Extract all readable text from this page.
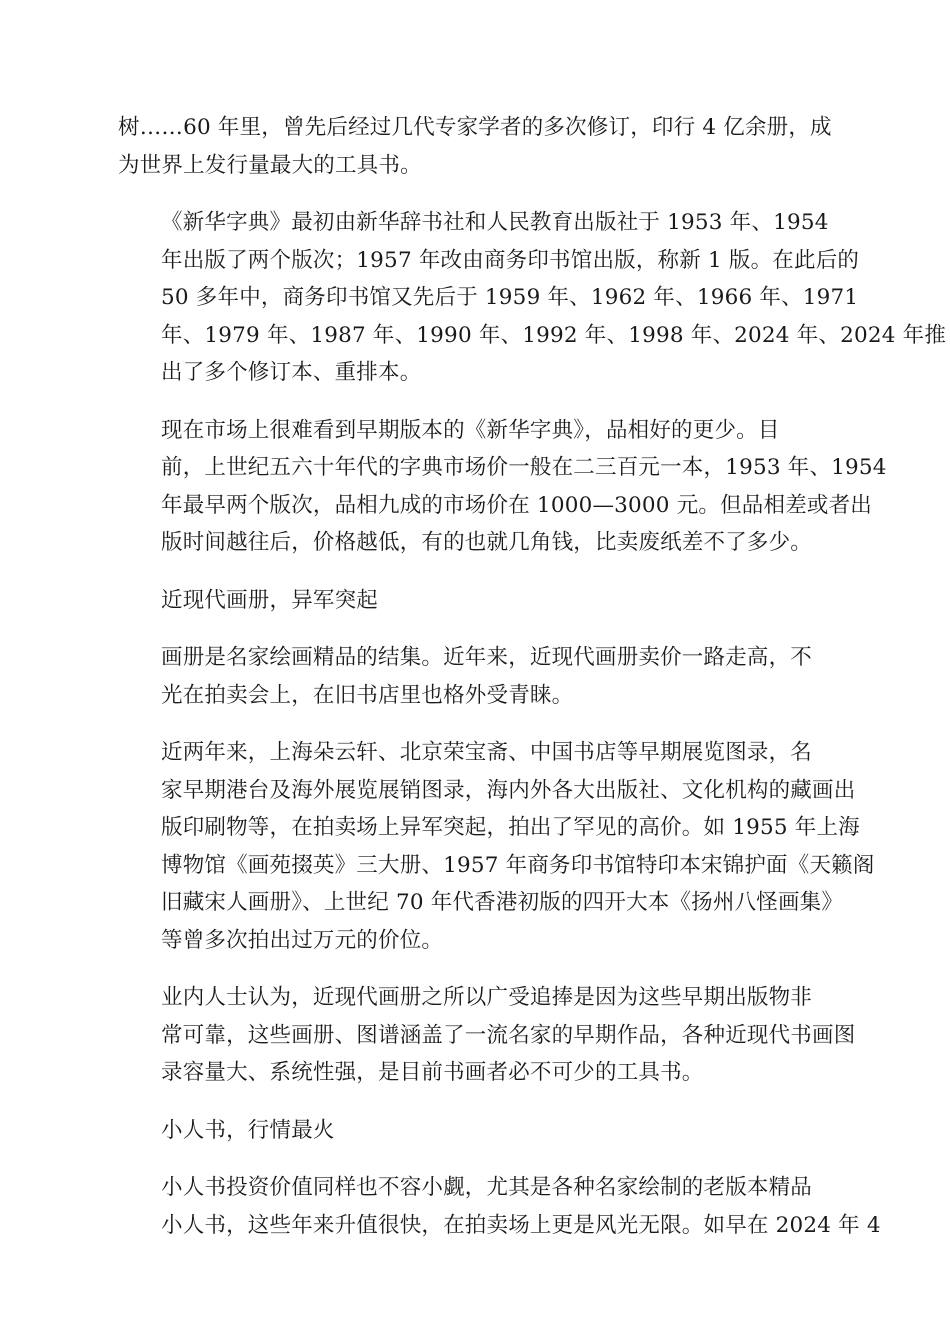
树……60 年里，曾先后经过几代专家学者的多次修订，印行 4 亿余册，成
为世界上发行量最大的工具书。

《新华字典》最初由新华辞书社和人民教育出版社于 1953 年、1954
年出版了两个版次；1957 年改由商务印书馆出版，称新 1 版。在此后的
50 多年中，商务印书馆又先后于 1959 年、1962 年、1966 年、1971
年、1979 年、1987 年、1990 年、1992 年、1998 年、2024 年、2024 年推
出了多个修订本、重排本。

现在市场上很难看到早期版本的《新华字典》，品相好的更少。目
前，上世纪五六十年代的字典市场价一般在二三百元一本，1953 年、1954
年最早两个版次，品相九成的市场价在 1000—3000 元。但品相差或者出
版时间越往后，价格越低，有的也就几角钱，比卖废纸差不了多少。

近现代画册，异军突起

画册是名家绘画精品的结集。近年来，近现代画册卖价一路走高，不
光在拍卖会上，在旧书店里也格外受青睐。

近两年来，上海朵云轩、北京荣宝斋、中国书店等早期展览图录，名
家早期港台及海外展览展销图录，海内外各大出版社、文化机构的藏画出
版印刷物等，在拍卖场上异军突起，拍出了罕见的高价。如 1955 年上海
博物馆《画苑掇英》三大册、1957 年商务印书馆特印本宋锦护面《天籁阁
旧藏宋人画册》、上世纪 70 年代香港初版的四开大本《扬州八怪画集》
等曾多次拍出过万元的价位。

业内人士认为，近现代画册之所以广受追捧是因为这些早期出版物非
常可靠，这些画册、图谱涵盖了一流名家的早期作品，各种近现代书画图
录容量大、系统性强，是目前书画者必不可少的工具书。

小人书，行情最火

小人书投资价值同样也不容小觑，尤其是各种名家绘制的老版本精品
小人书，这些年来升值很快，在拍卖场上更是风光无限。如早在 2024 年 4
